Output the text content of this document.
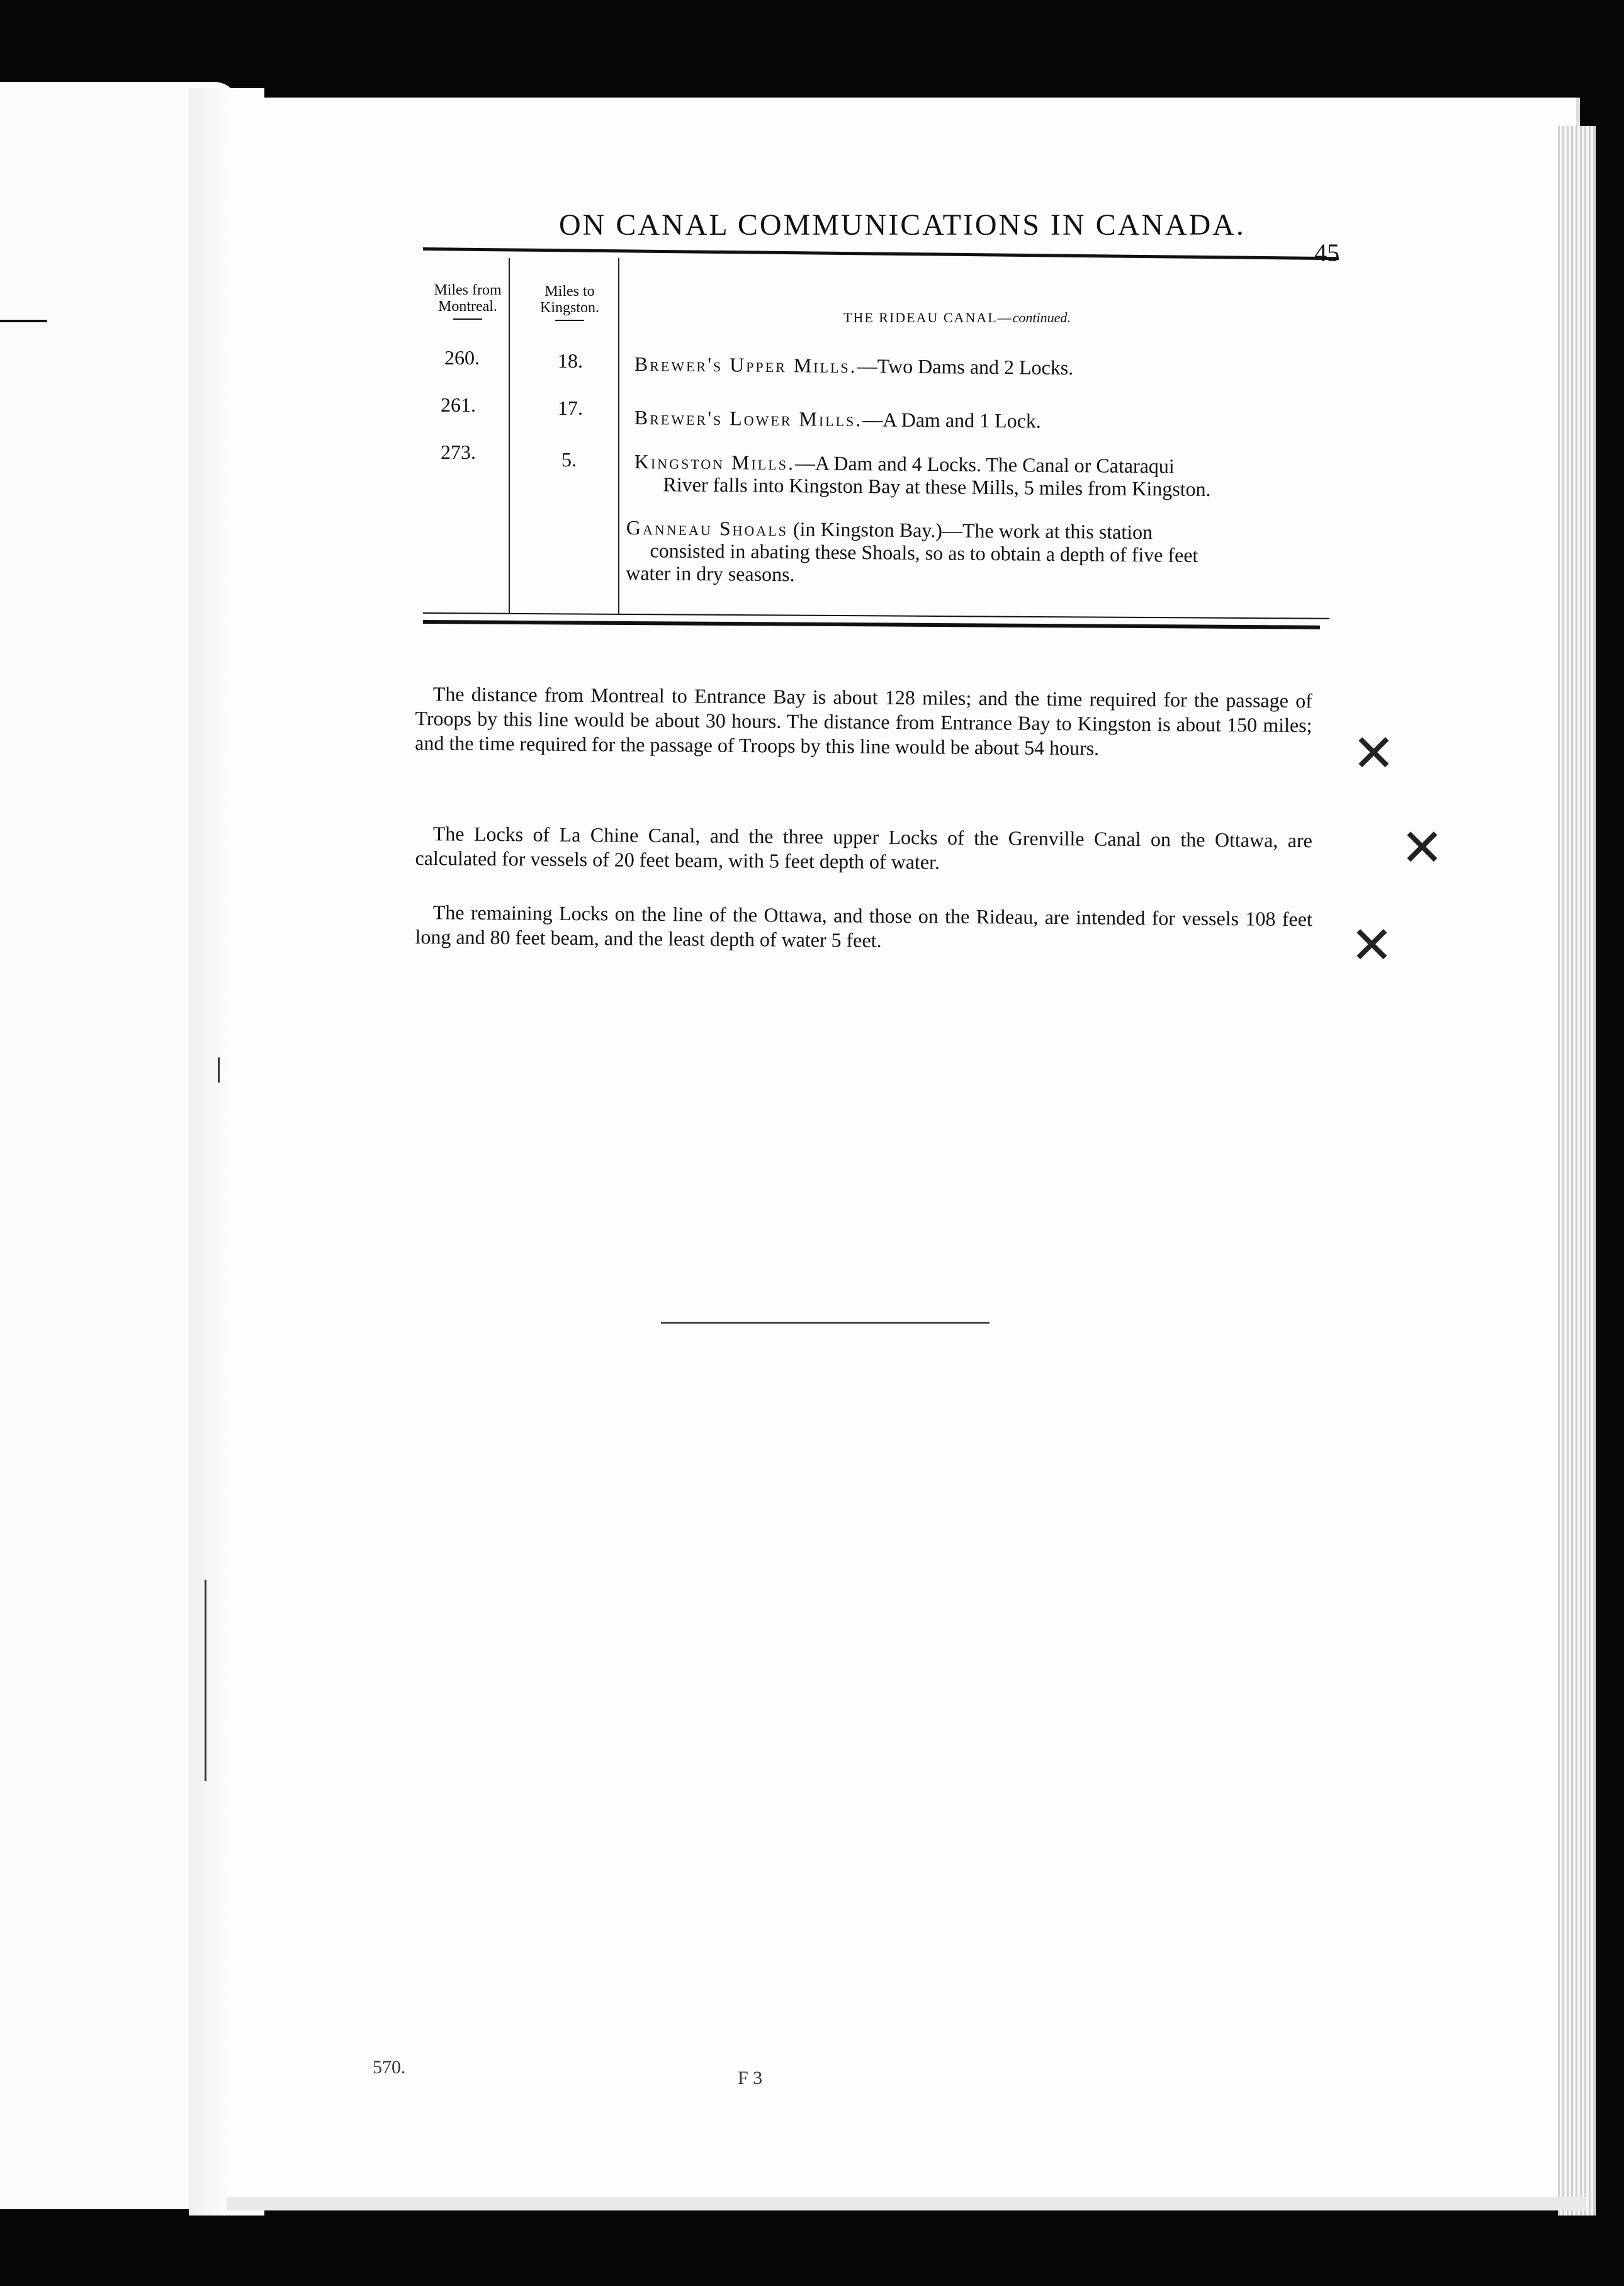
ON CANAL COMMUNICATIONS IN CANADA.
45
Miles from
Montreal.
Miles to
Kingston.
THE RIDEAU CANAL—continued.
260.	18.	Brewer's Upper Mills.—Two Dams and 2 Locks.
261.	17.	Brewer's Lower Mills.—A Dam and 1 Lock.
273.	5.	Kingston Mills.—A Dam and 4 Locks. The Canal or Cataraqui
River falls into Kingston Bay at these Mills, 5 miles from Kingston.
Ganneau Shoals (in Kingston Bay.)—The work at this station
consisted in abating these Shoals, so as to obtain a depth of five feet
water in dry seasons.
The distance from Montreal to Entrance Bay is about 128 miles; and the time required for the passage of Troops by this line would be about 30 hours. The distance from Entrance Bay to Kingston is about 150 miles; and the time required for the passage of Troops by this line would be about 54 hours.
The Locks of La Chine Canal, and the three upper Locks of the Grenville Canal on the Ottawa, are calculated for vessels of 20 feet beam, with 5 feet depth of water.
The remaining Locks on the line of the Ottawa, and those on the Rideau, are intended for vessels 108 feet long and 80 feet beam, and the least depth of water 5 feet.
✕
✕
✕
570.
F 3
